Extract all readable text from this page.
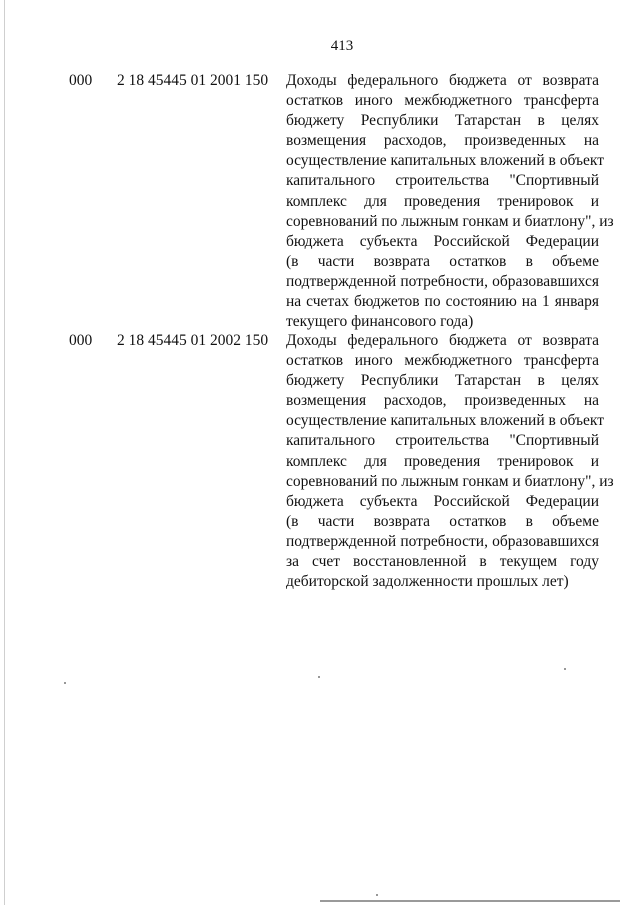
413
000 2 18 45445 01 2001 150 Доходы федерального бюджета от возврата
остатков иного межбюджетного трансферта
бюджету Республики Татарстан в целях
возмещения расходов, произведенных на
осуществление капитальных вложений в объект
капитального строительства "Спортивный
комплекс для проведения тренировок и
соревнований по лыжным гонкам и биатлону", из
бюджета субъекта Российской Федерации
(в части возврата остатков в объеме
подтвержденной потребности, образовавшихся
на счетах бюджетов по состоянию на 1 января
текущего финансового года)
000 2 18 45445 01 2002 150 Доходы федерального бюджета от возврата
остатков иного межбюджетного трансферта
бюджету Республики Татарстан в целях
возмещения расходов, произведенных на
осуществление капитальных вложений в объект
капитального строительства "Спортивный
комплекс для проведения тренировок и
соревнований по лыжным гонкам и биатлону", из
бюджета субъекта Российской Федерации
(в части возврата остатков в объеме
подтвержденной потребности, образовавшихся
за счет восстановленной в текущем году
дебиторской задолженности прошлых лет)
